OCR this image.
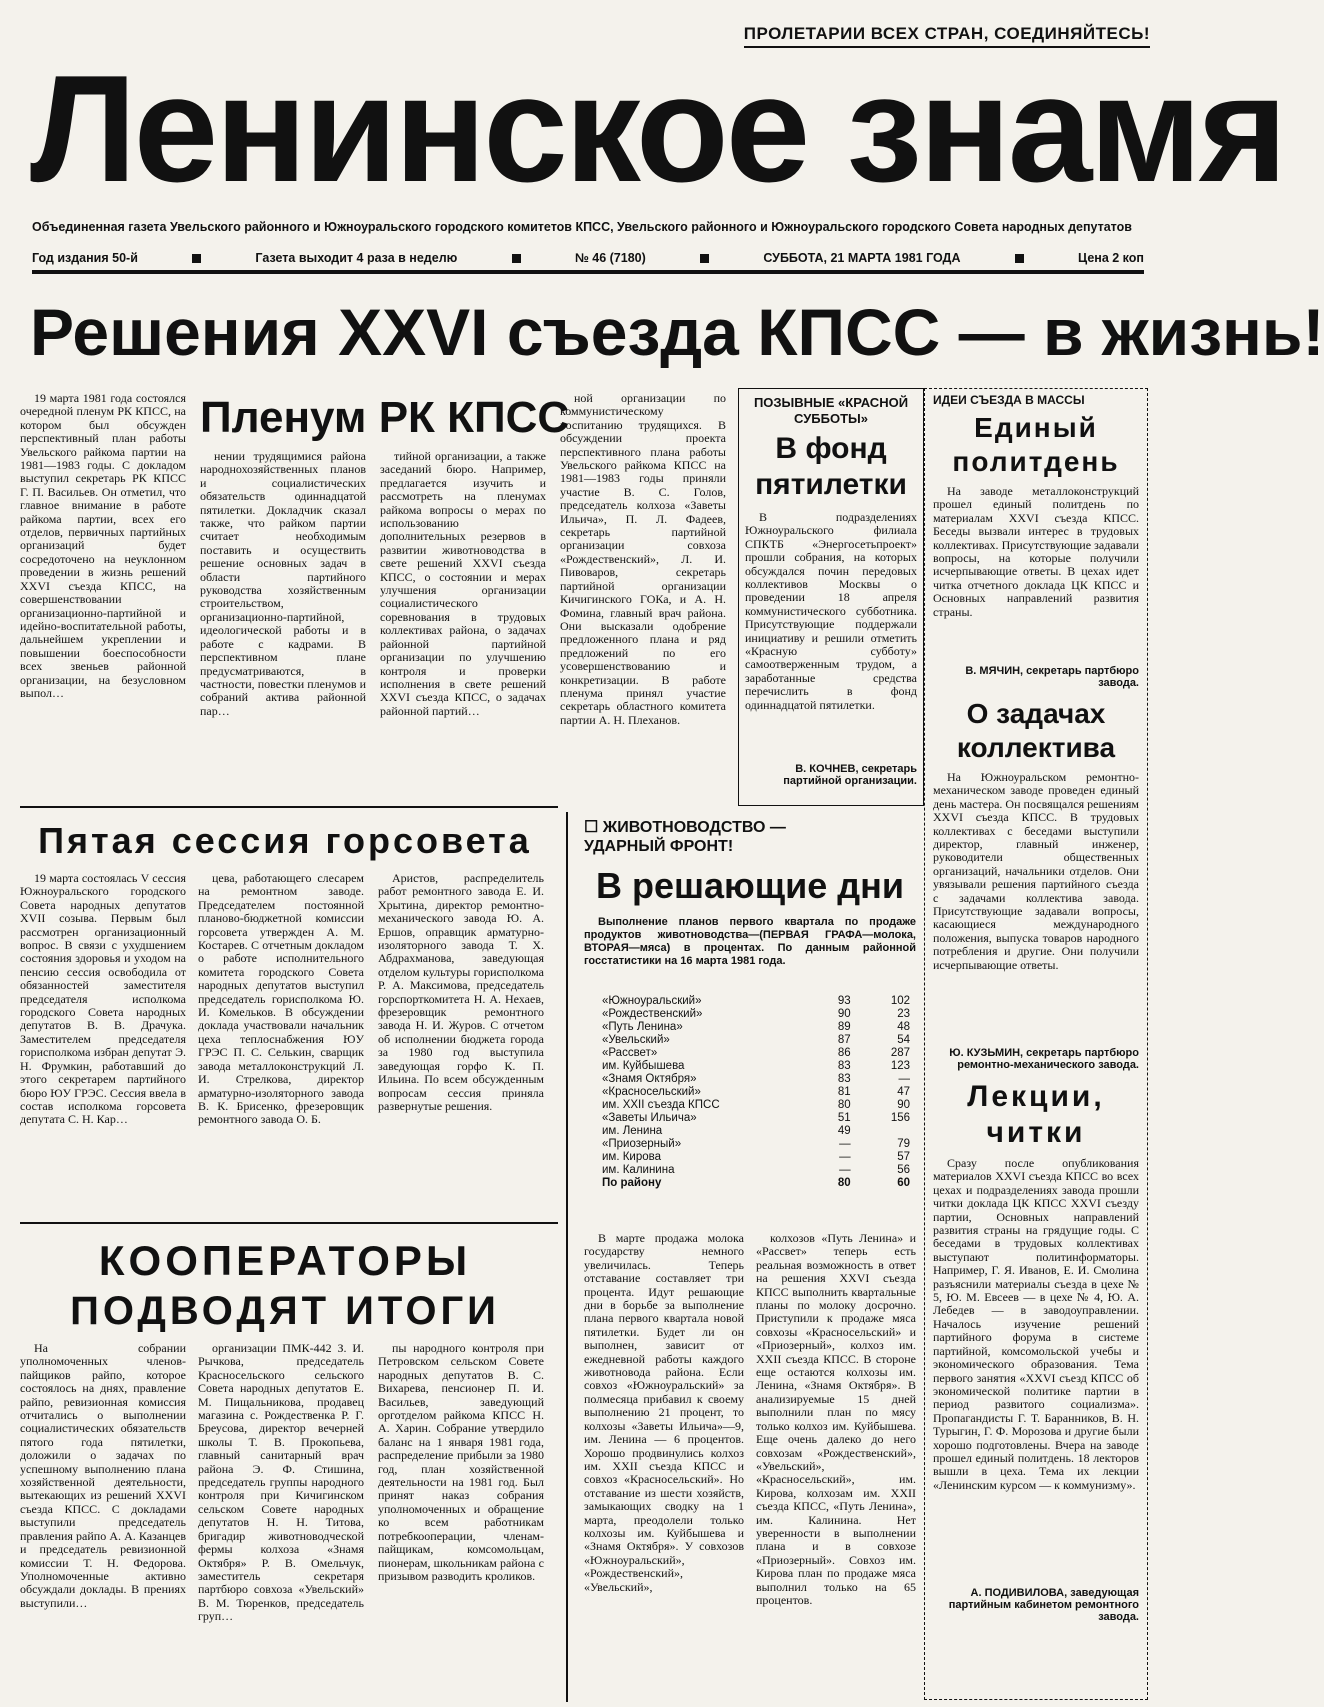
ПРОЛЕТАРИИ ВСЕХ СТРАН, СОЕДИНЯЙТЕСЬ!
Ленинское знамя
Объединенная газета Увельского районного и Южноуральского городского комитетов КПСС, Увельского районного и Южноуральского городского Совета народных депутатов
Год издания 50-й	Газета выходит 4 раза в неделю	№ 46 (7180)	СУББОТА, 21 МАРТА 1981 ГОДА	Цена 2 коп
Решения XXVI съезда КПСС — в жизнь!
Пленум РК КПСС

19 марта 1981 года состоялся очередной пленум РК КПСС, на котором был обсужден перспективный план работы Увельского райкома партии на 1981—1983 годы. С докладом выступил секретарь РК КПСС Г. П. Васильев. Он отметил, что главное внимание в работе райкома партии, всех его отделов, первичных партийных организаций будет сосредоточено на неуклонном проведении в жизнь решений XXVI съезда КПСС, на совершенствовании организационно-партийной и идейно-воспитательной работы, дальнейшем укреплении и повышении боеспособности всех звеньев районной организации, на безусловном выпол…

нении трудящимися района народнохозяйственных планов и социалистических обязательств одиннадцатой пятилетки. Докладчик сказал также, что райком партии считает необходимым поставить и осуществить решение основных задач в области партийного руководства хозяйственным строительством, организационно-партийной, идеологической работы и в работе с кадрами. В перспективном плане предусматриваются, в частности, повестки пленумов и собраний актива районной пар…

тийной организации, а также заседаний бюро. Например, предлагается изучить и рассмотреть на пленумах райкома вопросы о мерах по использованию дополнительных резервов в развитии животноводства в свете решений XXVI съезда КПСС, о состоянии и мерах улучшения организации социалистического соревнования в трудовых коллективах района, о задачах районной партийной организации по улучшению контроля и проверки исполнения в свете решений XXVI съезда КПСС, о задачах районной партий…

ной организации по коммунистическому воспитанию трудящихся. В обсуждении проекта перспективного плана работы Увельского райкома КПСС на 1981—1983 годы приняли участие В. С. Голов, председатель колхоза «Заветы Ильича», П. Л. Фадеев, секретарь партийной организации совхоза «Рождественский», Л. И. Пивоваров, секретарь партийной организации Кичигинского ГОКа, и А. Н. Фомина, главный врач района. Они высказали одобрение предложенного плана и ряд предложений по его усовершенствованию и конкретизации. В работе пленума принял участие секретарь областного комитета партии А. Н. Плеханов.

ПОЗЫВНЫЕ «КРАСНОЙ СУББОТЫ»
В фонд пятилетки

В подразделениях Южноуральского филиала СПКТБ «Энергосетьпроект» прошли собрания, на которых обсуждался почин передовых коллективов Москвы о проведении 18 апреля коммунистического субботника. Присутствующие поддержали инициативу и решили отметить «Красную субботу» самоотверженным трудом, а заработанные средства перечислить в фонд одиннадцатой пятилетки.

В. КОЧНЕВ, секретарь партийной организации.
ИДЕИ СЪЕЗДА В МАССЫ
Единый политдень

На заводе металлоконструкций прошел единый политдень по материалам XXVI съезда КПСС. Беседы вызвали интерес в трудовых коллективах. Присутствующие задавали вопросы, на которые получили исчерпывающие ответы. В цехах идет читка отчетного доклада ЦК КПСС и Основных направлений развития страны.

В. МЯЧИН, секретарь партбюро завода.
О задачах коллектива

На Южноуральском ремонтно-механическом заводе проведен единый день мастера. Он посвящался решениям XXVI съезда КПСС. В трудовых коллективах с беседами выступили директор, главный инженер, руководители общественных организаций, начальники отделов. Они увязывали решения партийного съезда с задачами коллектива завода. Присутствующие задавали вопросы, касающиеся международного положения, выпуска товаров народного потребления и другие. Они получили исчерпывающие ответы.

Ю. КУЗЬМИН, секретарь партбюро ремонтно-механического завода.
Лекции, читки

Сразу после опубликования материалов XXVI съезда КПСС во всех цехах и подразделениях завода прошли читки доклада ЦК КПСС XXVI съезду партии, Основных направлений развития страны на грядущие годы. С беседами в трудовых коллективах выступают политинформаторы. Например, Г. Я. Иванов, Е. И. Смолина разъяснили материалы съезда в цехе № 5, Ю. М. Евсеев — в цехе № 4, Ю. А. Лебедев — в заводоуправлении. Началось изучение решений партийного форума в системе партийной, комсомольской учебы и экономического образования. Тема первого занятия «XXVI съезд КПСС об экономической политике партии в период развитого социализма». Пропагандисты Г. Т. Баранников, В. Н. Турыгин, Г. Ф. Морозова и другие были хорошо подготовлены. Вчера на заводе прошел единый политдень. 18 лекторов вышли в цеха. Тема их лекции «Ленинским курсом — к коммунизму».

А. ПОДИВИЛОВА, заведующая партийным кабинетом ремонтного завода.
Пятая сессия горсовета

19 марта состоялась V сессия Южноуральского городского Совета народных депутатов XVII созыва. Первым был рассмотрен организационный вопрос. В связи с ухудшением состояния здоровья и уходом на пенсию сессия освободила от обязанностей заместителя председателя исполкома городского Совета народных депутатов В. В. Драчука. Заместителем председателя горисполкома избран депутат Э. Н. Фрумкин, работавший до этого секретарем партийного бюро ЮУ ГРЭС. Сессия ввела в состав исполкома горсовета депутата С. Н. Кар…

цева, работающего слесарем на ремонтном заводе. Председателем постоянной планово-бюджетной комиссии горсовета утвержден А. М. Костарев. С отчетным докладом о работе исполнительного комитета городского Совета народных депутатов выступил председатель горисполкома Ю. И. Комельков. В обсуждении доклада участвовали начальник цеха теплоснабжения ЮУ ГРЭС П. С. Селькин, сварщик завода металлоконструкций Л. И. Стрелкова, директор арматурно-изоляторного завода В. К. Брисенко, фрезеровщик ремонтного завода О. Б.

Аристов, распределитель работ ремонтного завода Е. И. Хрытина, директор ремонтно-механического завода Ю. А. Ершов, оправщик арматурно-изоляторного завода Т. Х. Абдрахманова, заведующая отделом культуры горисполкома Р. А. Максимова, председатель горспорткомитета Н. А. Нехаев, фрезеровщик ремонтного завода Н. И. Журов. С отчетом об исполнении бюджета города за 1980 год выступила заведующая горфо К. П. Ильина. По всем обсужденным вопросам сессия приняла развернутые решения.

КООПЕРАТОРЫ
ПОДВОДЯТ ИТОГИ

На собрании уполномоченных членов-пайщиков райпо, которое состоялось на днях, правление райпо, ревизионная комиссия отчитались о выполнении социалистических обязательств пятого года пятилетки, доложили о задачах по успешному выполнению плана хозяйственной деятельности, вытекающих из решений XXVI съезда КПСС. С докладами выступили председатель правления райпо А. А. Казанцев и председатель ревизионной комиссии Т. Н. Федорова. Уполномоченные активно обсуждали доклады. В прениях выступили…

организации ПМК-442 З. И. Рычкова, председатель Красносельского сельского Совета народных депутатов Е. М. Пищальникова, продавец магазина с. Рождественка Р. Г. Бреусова, директор вечерней школы Т. В. Прокопьева, главный санитарный врач района Э. Ф. Стишина, председатель группы народного контроля при Кичигинском сельском Совете народных депутатов Н. Н. Титова, бригадир животноводческой фермы колхоза «Знамя Октября» Р. В. Омельчук, заместитель секретаря партбюро совхоза «Увельский» В. М. Тюренков, председатель груп…

пы народного контроля при Петровском сельском Совете народных депутатов В. С. Вихарева, пенсионер П. И. Васильев, заведующий орготделом райкома КПСС Н. А. Харин. Собрание утвердило баланс на 1 января 1981 года, распределение прибыли за 1980 год, план хозяйственной деятельности на 1981 год. Был принят наказ собрания уполномоченных и обращение ко всем работникам потребкооперации, членам-пайщикам, комсомольцам, пионерам, школьникам района с призывом разводить кроликов.

☐ ЖИВОТНОВОДСТВО — УДАРНЫЙ ФРОНТ!
В решающие дни

Выполнение планов первого квартала по продаже продуктов животноводства—(ПЕРВАЯ ГРАФА—молока, ВТОРАЯ—мяса) в процентах. По данным районной госстатистики на 16 марта 1981 года.

«Южноуральский»	93	102
«Рождественский»	90	23
«Путь Ленина»	89	48
«Увельский»	87	54
«Рассвет»	86	287
им. Куйбышева	83	123
«Знамя Октября»	83	—
«Красносельский»	81	47
им. XXII съезда КПСС	80	90
«Заветы Ильича»	51	156
им. Ленина	49	
«Приозерный»	—	79
им. Кирова	—	57
им. Калинина	—	56
По району	80	60

В марте продажа молока государству немного увеличилась. Теперь отставание составляет три процента. Идут решающие дни в борьбе за выполнение плана первого квартала новой пятилетки. Будет ли он выполнен, зависит от ежедневной работы каждого животновода района. Если совхоз «Южноуральский» за полмесяца прибавил к своему выполнению 21 процент, то колхозы «Заветы Ильича»—9, им. Ленина — 6 процентов. Хорошо продвинулись колхоз им. XXII съезда КПСС и совхоз «Красносельский». Но отставание из шести хозяйств, замыкающих сводку на 1 марта, преодолели только колхозы им. Куйбышева и «Знамя Октября». У совхозов «Южноуральский», «Рождественский», «Увельский»,

колхозов «Путь Ленина» и «Рассвет» теперь есть реальная возможность в ответ на решения XXVI съезда КПСС выполнить квартальные планы по молоку досрочно. Приступили к продаже мяса совхозы «Красносельский» и «Приозерный», колхоз им. XXII съезда КПСС. В стороне еще остаются колхозы им. Ленина, «Знамя Октября». В анализируемые 15 дней выполнили план по мясу только колхоз им. Куйбышева. Еще очень далеко до него совхозам «Рождественский», «Увельский», «Красносельский», им. Кирова, колхозам им. XXII съезда КПСС, «Путь Ленина», им. Калинина. Нет уверенности в выполнении плана и в совхозе «Приозерный». Совхоз им. Кирова план по продаже мяса выполнил только на 65 процентов.
